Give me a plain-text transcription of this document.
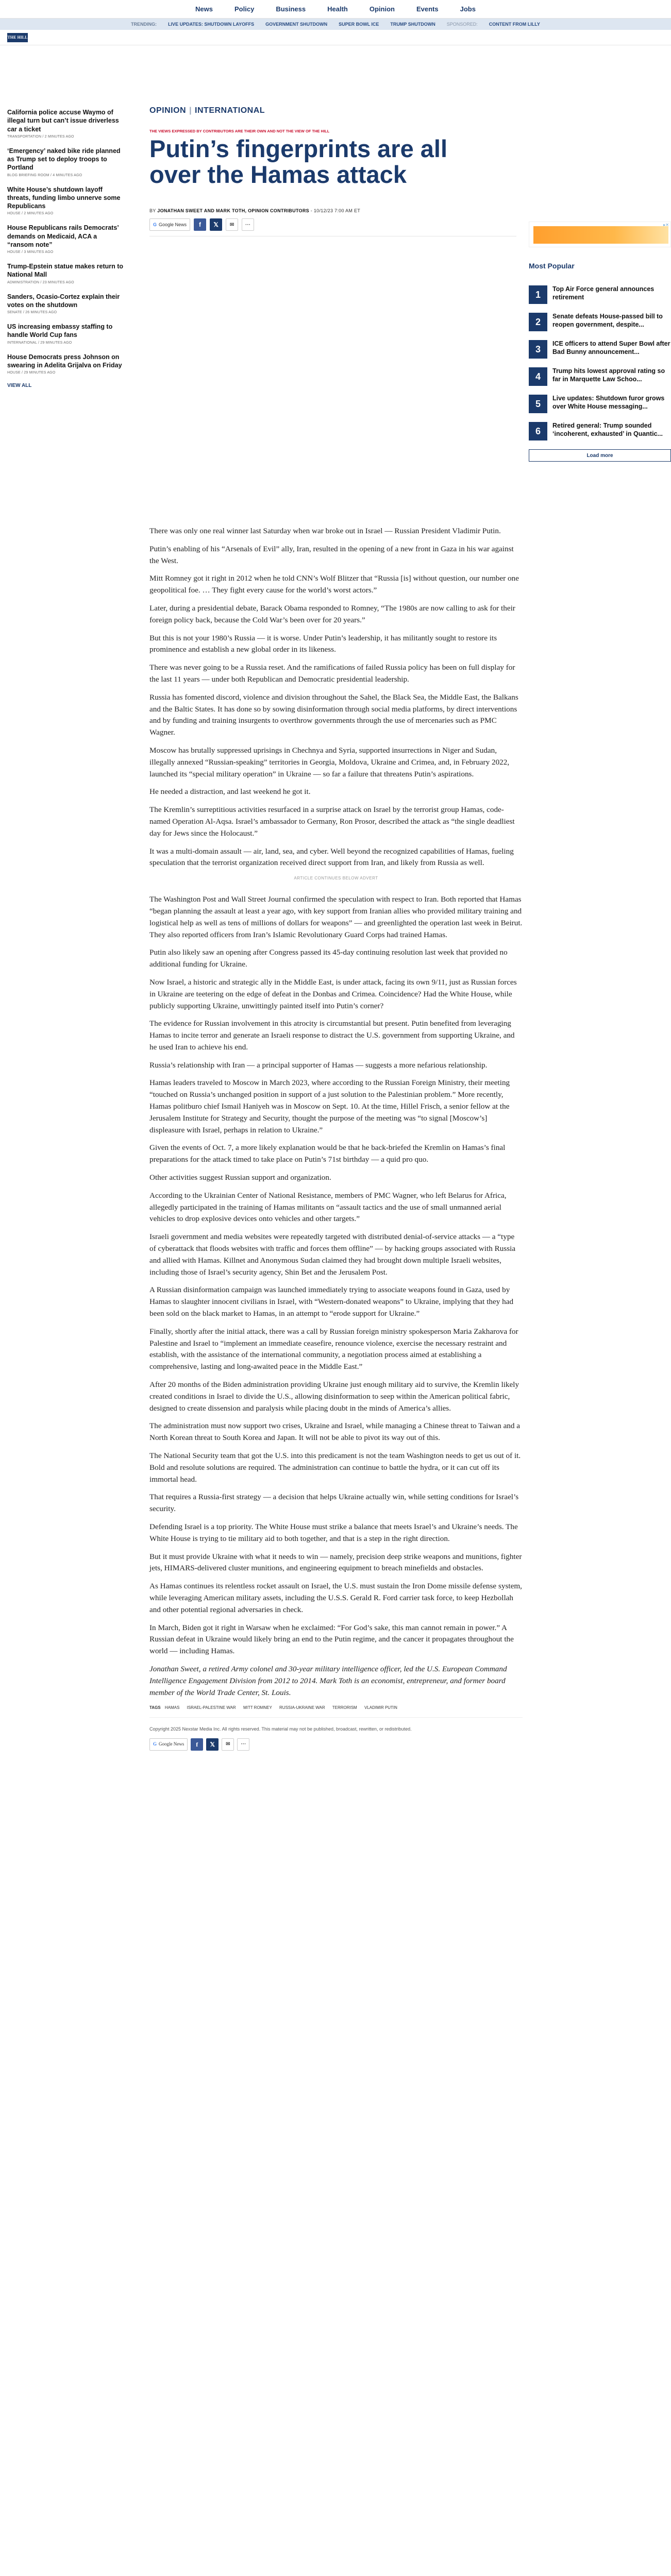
News	Policy	Business	Health	Opinion	Events	Jobs
TRENDING: LIVE UPDATES: SHUTDOWN LAYOFFS GOVERNMENT SHUTDOWN SUPER BOWL ICE TRUMP SHUTDOWN SPONSORED: CONTENT FROM LILLY
THE HILL
California police accuse Waymo of illegal turn but can’t issue driverless car a ticket
TRANSPORTATION / 2 MINUTES AGO
‘Emergency’ naked bike ride planned as Trump set to deploy troops to Portland
BLOG BRIEFING ROOM / 4 MINUTES AGO
White House’s shutdown layoff threats, funding limbo unnerve some Republicans
HOUSE / 2 MINUTES AGO
House Republicans rails Democrats’ demands on Medicaid, ACA a “ransom note”
HOUSE / 3 MINUTES AGO
Trump-Epstein statue makes return to National Mall
ADMINISTRATION / 23 MINUTES AGO
Sanders, Ocasio-Cortez explain their votes on the shutdown
SENATE / 26 MINUTES AGO
US increasing embassy staffing to handle World Cup fans
INTERNATIONAL / 29 MINUTES AGO
House Democrats press Johnson on swearing in Adelita Grijalva on Friday
HOUSE / 29 MINUTES AGO
VIEW ALL
OPINION | INTERNATIONAL
THE VIEWS EXPRESSED BY CONTRIBUTORS ARE THEIR OWN AND NOT THE VIEW OF THE HILL
Putin’s fingerprints are all over the Hamas attack
BY JONATHAN SWEET AND MARK TOTH, OPINION CONTRIBUTORS - 10/12/23 7:00 AM ET
G Google News f 𝕏 ✉ ···	▸✕
Most Popular
1
Top Air Force general announces retirement
2
Senate defeats House-passed bill to reopen government, despite...
3
ICE officers to attend Super Bowl after Bad Bunny announcement...
4
Trump hits lowest approval rating so far in Marquette Law Schoo...
5
Live updates: Shutdown furor grows over White House messaging...
6
Retired general: Trump sounded ‘incoherent, exhausted’ in Quantic...
Load more

There was only one real winner last Saturday when war broke out in Israel — Russian President Vladimir Putin.

Putin’s enabling of his “Arsenals of Evil” ally, Iran, resulted in the opening of a new front in Gaza in his war against the West.

Mitt Romney got it right in 2012 when he told CNN’s Wolf Blitzer that “Russia [is] without question, our number one geopolitical foe. … They fight every cause for the world’s worst actors.”

Later, during a presidential debate, Barack Obama responded to Romney, “The 1980s are now calling to ask for their foreign policy back, because the Cold War’s been over for 20 years.”

But this is not your 1980’s Russia — it is worse. Under Putin’s leadership, it has militantly sought to restore its prominence and establish a new global order in its likeness.

There was never going to be a Russia reset. And the ramifications of failed Russia policy has been on full display for the last 11 years — under both Republican and Democratic presidential leadership.

Russia has fomented discord, violence and division throughout the Sahel, the Black Sea, the Middle East, the Balkans and the Baltic States. It has done so by sowing disinformation through social media platforms, by direct interventions and by funding and training insurgents to overthrow governments through the use of mercenaries such as PMC Wagner.

Moscow has brutally suppressed uprisings in Chechnya and Syria, supported insurrections in Niger and Sudan, illegally annexed “Russian-speaking” territories in Georgia, Moldova, Ukraine and Crimea, and, in February 2022, launched its “special military operation” in Ukraine — so far a failure that threatens Putin’s aspirations.

He needed a distraction, and last weekend he got it.

The Kremlin’s surreptitious activities resurfaced in a surprise attack on Israel by the terrorist group Hamas, code-named Operation Al-Aqsa. Israel’s ambassador to Germany, Ron Prosor, described the attack as “the single deadliest day for Jews since the Holocaust.”

It was a multi-domain assault — air, land, sea, and cyber. Well beyond the recognized capabilities of Hamas, fueling speculation that the terrorist organization received direct support from Iran, and likely from Russia as well.

ARTICLE CONTINUES BELOW ADVERT

The Washington Post and Wall Street Journal confirmed the speculation with respect to Iran. Both reported that Hamas “began planning the assault at least a year ago, with key support from Iranian allies who provided military training and logistical help as well as tens of millions of dollars for weapons” — and greenlighted the operation last week in Beirut. They also reported officers from Iran’s Islamic Revolutionary Guard Corps had trained Hamas.

Putin also likely saw an opening after Congress passed its 45-day continuing resolution last week that provided no additional funding for Ukraine.

Now Israel, a historic and strategic ally in the Middle East, is under attack, facing its own 9/11, just as Russian forces in Ukraine are teetering on the edge of defeat in the Donbas and Crimea. Coincidence? Had the White House, while publicly supporting Ukraine, unwittingly painted itself into Putin’s corner?

The evidence for Russian involvement in this atrocity is circumstantial but present. Putin benefited from leveraging Hamas to incite terror and generate an Israeli response to distract the U.S. government from supporting Ukraine, and he used Iran to achieve his end.

Russia’s relationship with Iran — a principal supporter of Hamas — suggests a more nefarious relationship.

Hamas leaders traveled to Moscow in March 2023, where according to the Russian Foreign Ministry, their meeting “touched on Russia’s unchanged position in support of a just solution to the Palestinian problem.” More recently, Hamas politburo chief Ismail Haniyeh was in Moscow on Sept. 10. At the time, Hillel Frisch, a senior fellow at the Jerusalem Institute for Strategy and Security, thought the purpose of the meeting was “to signal [Moscow’s] displeasure with Israel, perhaps in relation to Ukraine.”

Given the events of Oct. 7, a more likely explanation would be that he back-briefed the Kremlin on Hamas’s final preparations for the attack timed to take place on Putin’s 71st birthday — a quid pro quo.

Other activities suggest Russian support and organization.

According to the Ukrainian Center of National Resistance, members of PMC Wagner, who left Belarus for Africa, allegedly participated in the training of Hamas militants on “assault tactics and the use of small unmanned aerial vehicles to drop explosive devices onto vehicles and other targets.”

Israeli government and media websites were repeatedly targeted with distributed denial-of-service attacks — a “type of cyberattack that floods websites with traffic and forces them offline” — by hacking groups associated with Russia and allied with Hamas. Killnet and Anonymous Sudan claimed they had brought down multiple Israeli websites, including those of Israel’s security agency, Shin Bet and the Jerusalem Post.

A Russian disinformation campaign was launched immediately trying to associate weapons found in Gaza, used by Hamas to slaughter innocent civilians in Israel, with “Western-donated weapons” to Ukraine, implying that they had been sold on the black market to Hamas, in an attempt to “erode support for Ukraine.”

Finally, shortly after the initial attack, there was a call by Russian foreign ministry spokesperson Maria Zakharova for Palestine and Israel to “implement an immediate ceasefire, renounce violence, exercise the necessary restraint and establish, with the assistance of the international community, a negotiation process aimed at establishing a comprehensive, lasting and long-awaited peace in the Middle East.”

After 20 months of the Biden administration providing Ukraine just enough military aid to survive, the Kremlin likely created conditions in Israel to divide the U.S., allowing disinformation to seep within the American political fabric, designed to create dissension and paralysis while placing doubt in the minds of America’s allies.

The administration must now support two crises, Ukraine and Israel, while managing a Chinese threat to Taiwan and a North Korean threat to South Korea and Japan. It will not be able to pivot its way out of this.

The National Security team that got the U.S. into this predicament is not the team Washington needs to get us out of it. Bold and resolute solutions are required. The administration can continue to battle the hydra, or it can cut off its immortal head.

That requires a Russia-first strategy — a decision that helps Ukraine actually win, while setting conditions for Israel’s security.

Defending Israel is a top priority. The White House must strike a balance that meets Israel’s and Ukraine’s needs. The White House is trying to tie military aid to both together, and that is a step in the right direction.

But it must provide Ukraine with what it needs to win — namely, precision deep strike weapons and munitions, fighter jets, HIMARS-delivered cluster munitions, and engineering equipment to breach minefields and obstacles.

As Hamas continues its relentless rocket assault on Israel, the U.S. must sustain the Iron Dome missile defense system, while leveraging American military assets, including the U.S.S. Gerald R. Ford carrier task force, to keep Hezbollah and other potential regional adversaries in check.

In March, Biden got it right in Warsaw when he exclaimed: “For God’s sake, this man cannot remain in power.” A Russian defeat in Ukraine would likely bring an end to the Putin regime, and the cancer it propagates throughout the world — including Hamas.

Jonathan Sweet, a retired Army colonel and 30-year military intelligence officer, led the U.S. European Command Intelligence Engagement Division from 2012 to 2014. Mark Toth is an economist, entrepreneur, and former board member of the World Trade Center, St. Louis.

TAGS HAMAS ISRAEL-PALESTINE WAR MITT ROMNEY RUSSIA-UKRAINE WAR TERRORISM VLADIMIR PUTIN
Copyright 2025 Nexstar Media Inc. All rights reserved. This material may not be published, broadcast, rewritten, or redistributed.
G Google News f 𝕏 ✉ ···
